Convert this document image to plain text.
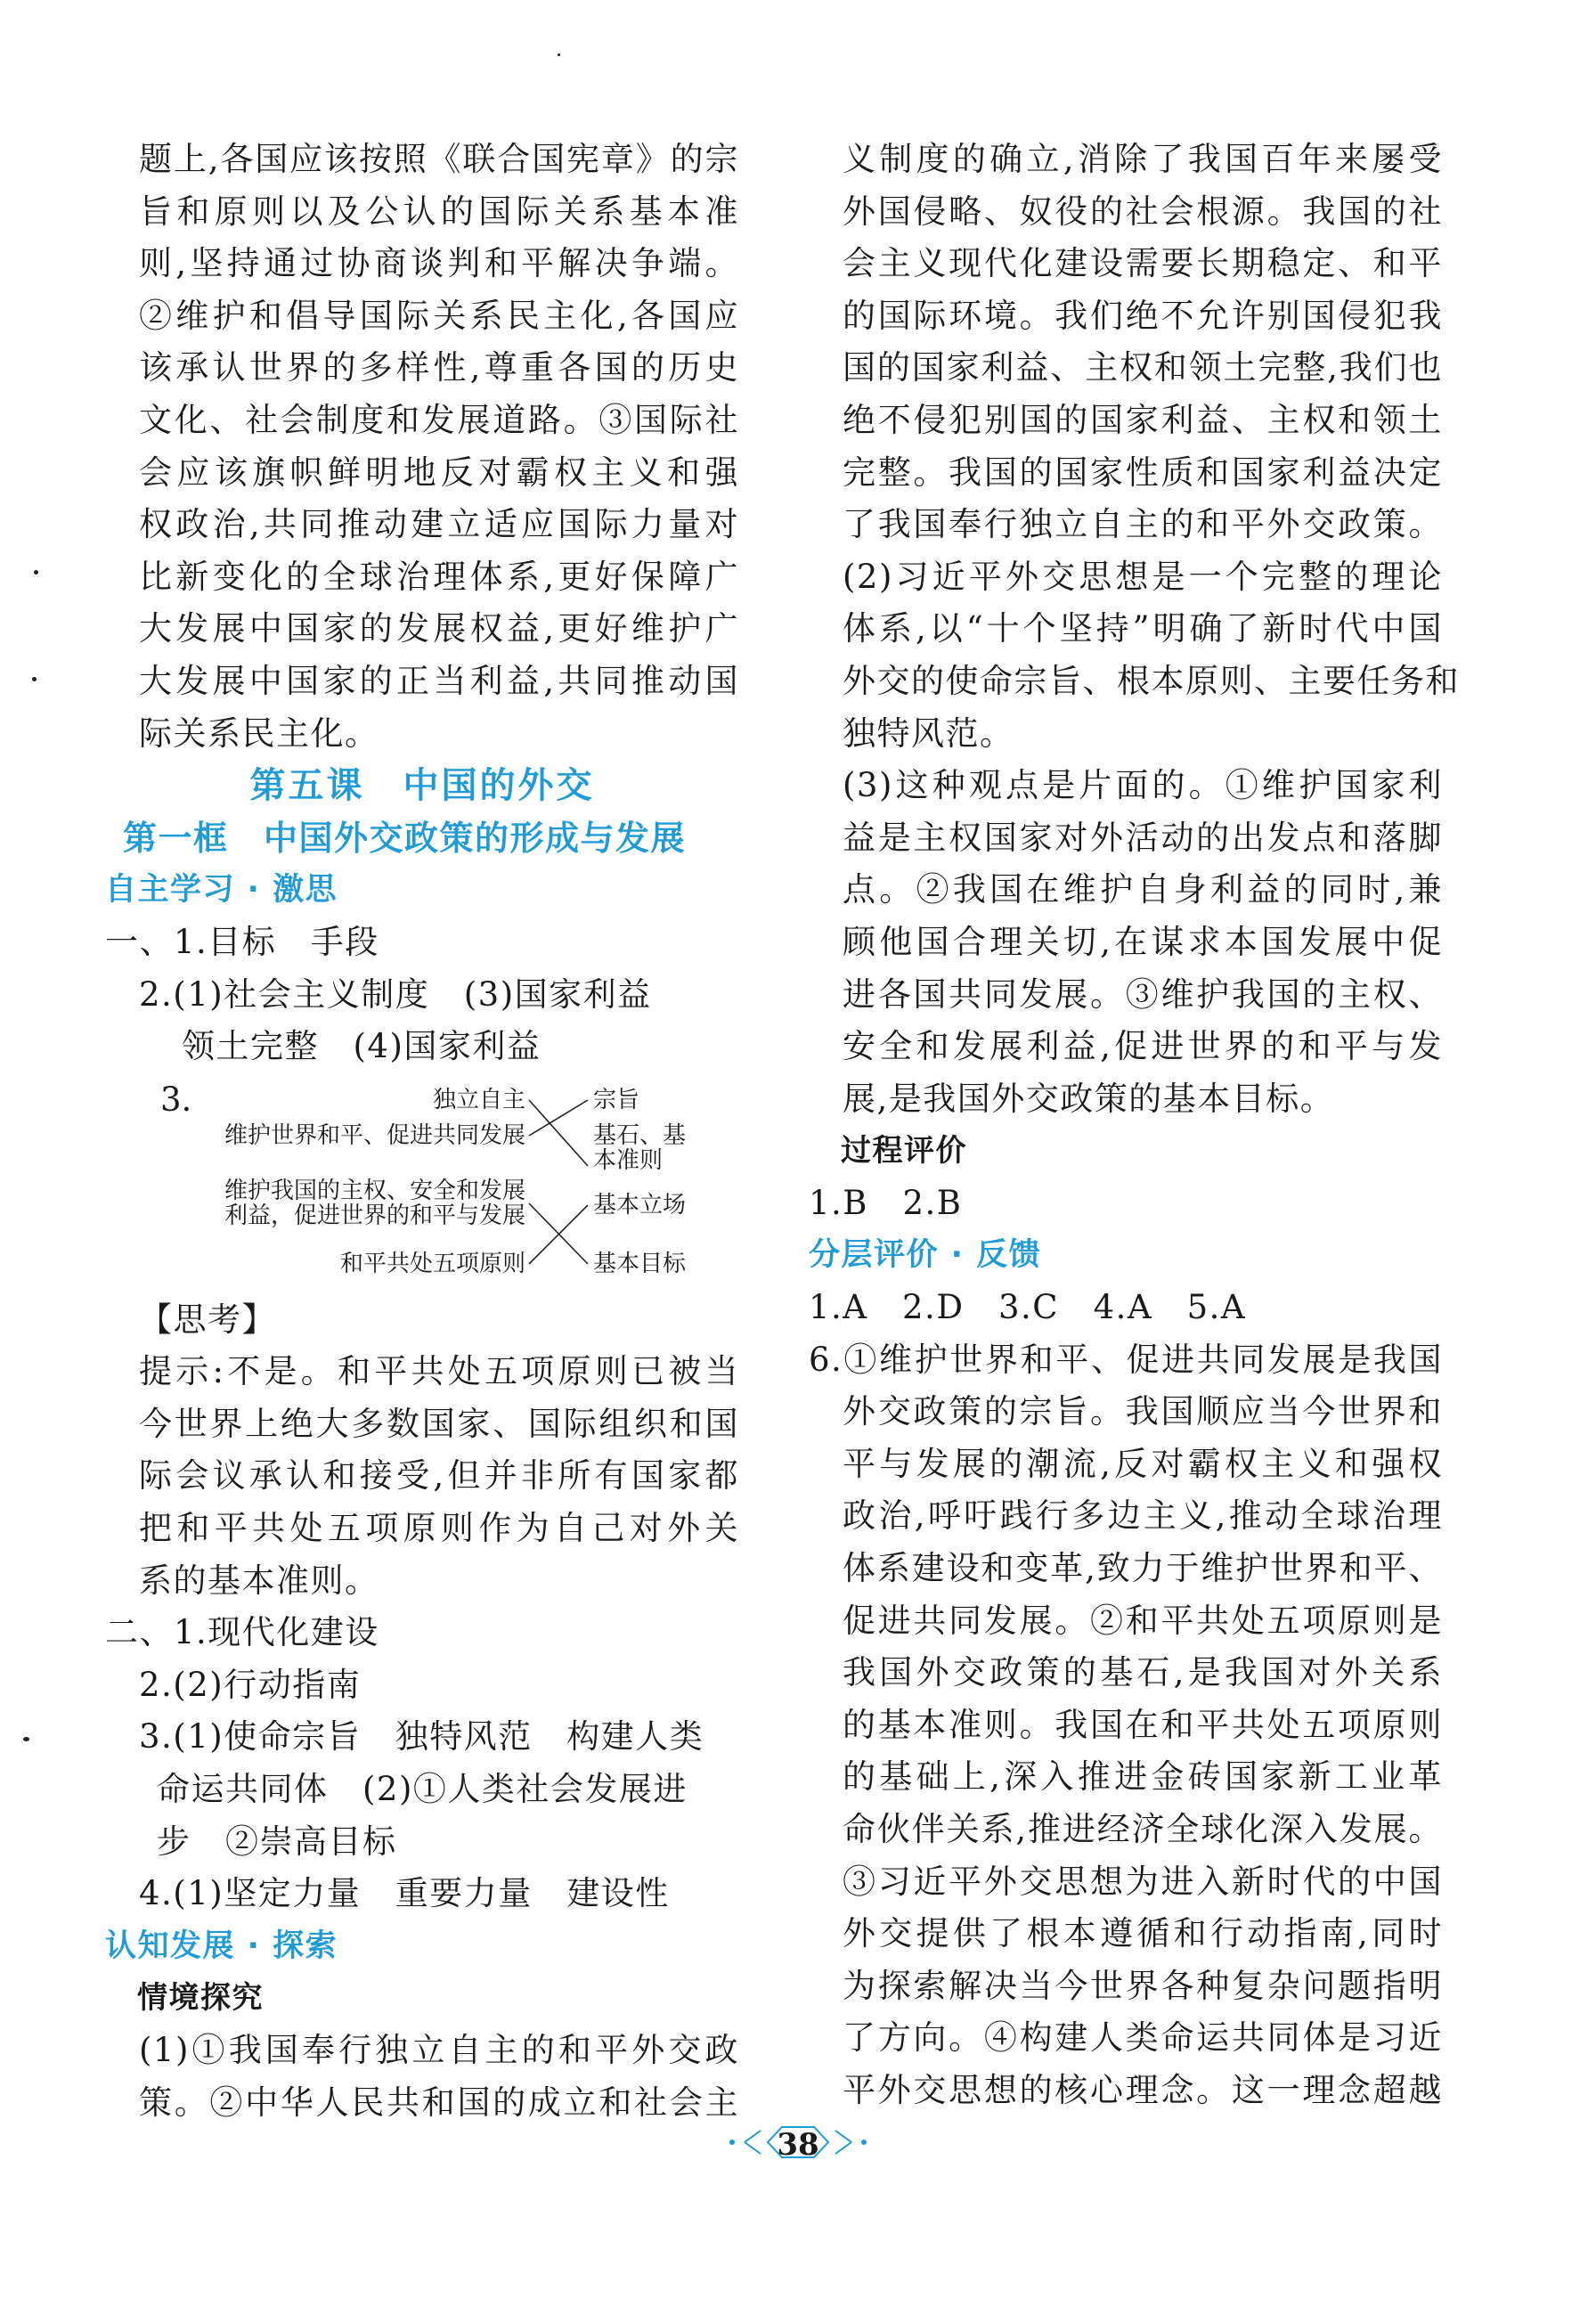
题上,各国应该按照《联合国宪章》的宗
旨和原则以及公认的国际关系基本准
则,坚持通过协商谈判和平解决争端。
②维护和倡导国际关系民主化,各国应
该承认世界的多样性,尊重各国的历史
文化、社会制度和发展道路。③国际社
会应该旗帜鲜明地反对霸权主义和强
权政治,共同推动建立适应国际力量对
比新变化的全球治理体系,更好保障广
大发展中国家的发展权益,更好维护广
大发展中国家的正当利益,共同推动国
际关系民主化。
第五课　中国的外交
第一框　中国外交政策的形成与发展
自主学习 · 激思
一、1.目标　手段
2.(1)社会主义制度　(3)国家利益
领土完整　(4)国家利益
3.	独立自主
维护世界和平、促进共同发展
维护我国的主权、安全和发展
利益，促进世界的和平与发展
和平共处五项原则
宗旨
基石、基
本准则
基本立场
基本目标
【思考】
提示:不是。和平共处五项原则已被当
今世界上绝大多数国家、国际组织和国
际会议承认和接受,但并非所有国家都
把和平共处五项原则作为自己对外关
系的基本准则。
二、1.现代化建设
2.(2)行动指南
3.(1)使命宗旨　独特风范　构建人类
命运共同体　(2)①人类社会发展进
步　②崇高目标
4.(1)坚定力量　重要力量　建设性
认知发展 · 探索
情境探究
(1)①我国奉行独立自主的和平外交政
策。②中华人民共和国的成立和社会主
义制度的确立,消除了我国百年来屡受
外国侵略、奴役的社会根源。我国的社
会主义现代化建设需要长期稳定、和平
的国际环境。我们绝不允许别国侵犯我
国的国家利益、主权和领土完整,我们也
绝不侵犯别国的国家利益、主权和领土
完整。我国的国家性质和国家利益决定
了我国奉行独立自主的和平外交政策。
(2)习近平外交思想是一个完整的理论
体系,以“十个坚持”明确了新时代中国
外交的使命宗旨、根本原则、主要任务和
独特风范。
(3)这种观点是片面的。①维护国家利
益是主权国家对外活动的出发点和落脚
点。②我国在维护自身利益的同时,兼
顾他国合理关切,在谋求本国发展中促
进各国共同发展。③维护我国的主权、
安全和发展利益,促进世界的和平与发
展,是我国外交政策的基本目标。
过程评价
1.B　2.B
分层评价 · 反馈
1.A　2.D　3.C　4.A　5.A
6.①维护世界和平、促进共同发展是我国
外交政策的宗旨。我国顺应当今世界和
平与发展的潮流,反对霸权主义和强权
政治,呼吁践行多边主义,推动全球治理
体系建设和变革,致力于维护世界和平、
促进共同发展。②和平共处五项原则是
我国外交政策的基石,是我国对外关系
的基本准则。我国在和平共处五项原则
的基础上,深入推进金砖国家新工业革
命伙伴关系,推进经济全球化深入发展。
③习近平外交思想为进入新时代的中国
外交提供了根本遵循和行动指南,同时
为探索解决当今世界各种复杂问题指明
了方向。④构建人类命运共同体是习近
平外交思想的核心理念。这一理念超越
38
